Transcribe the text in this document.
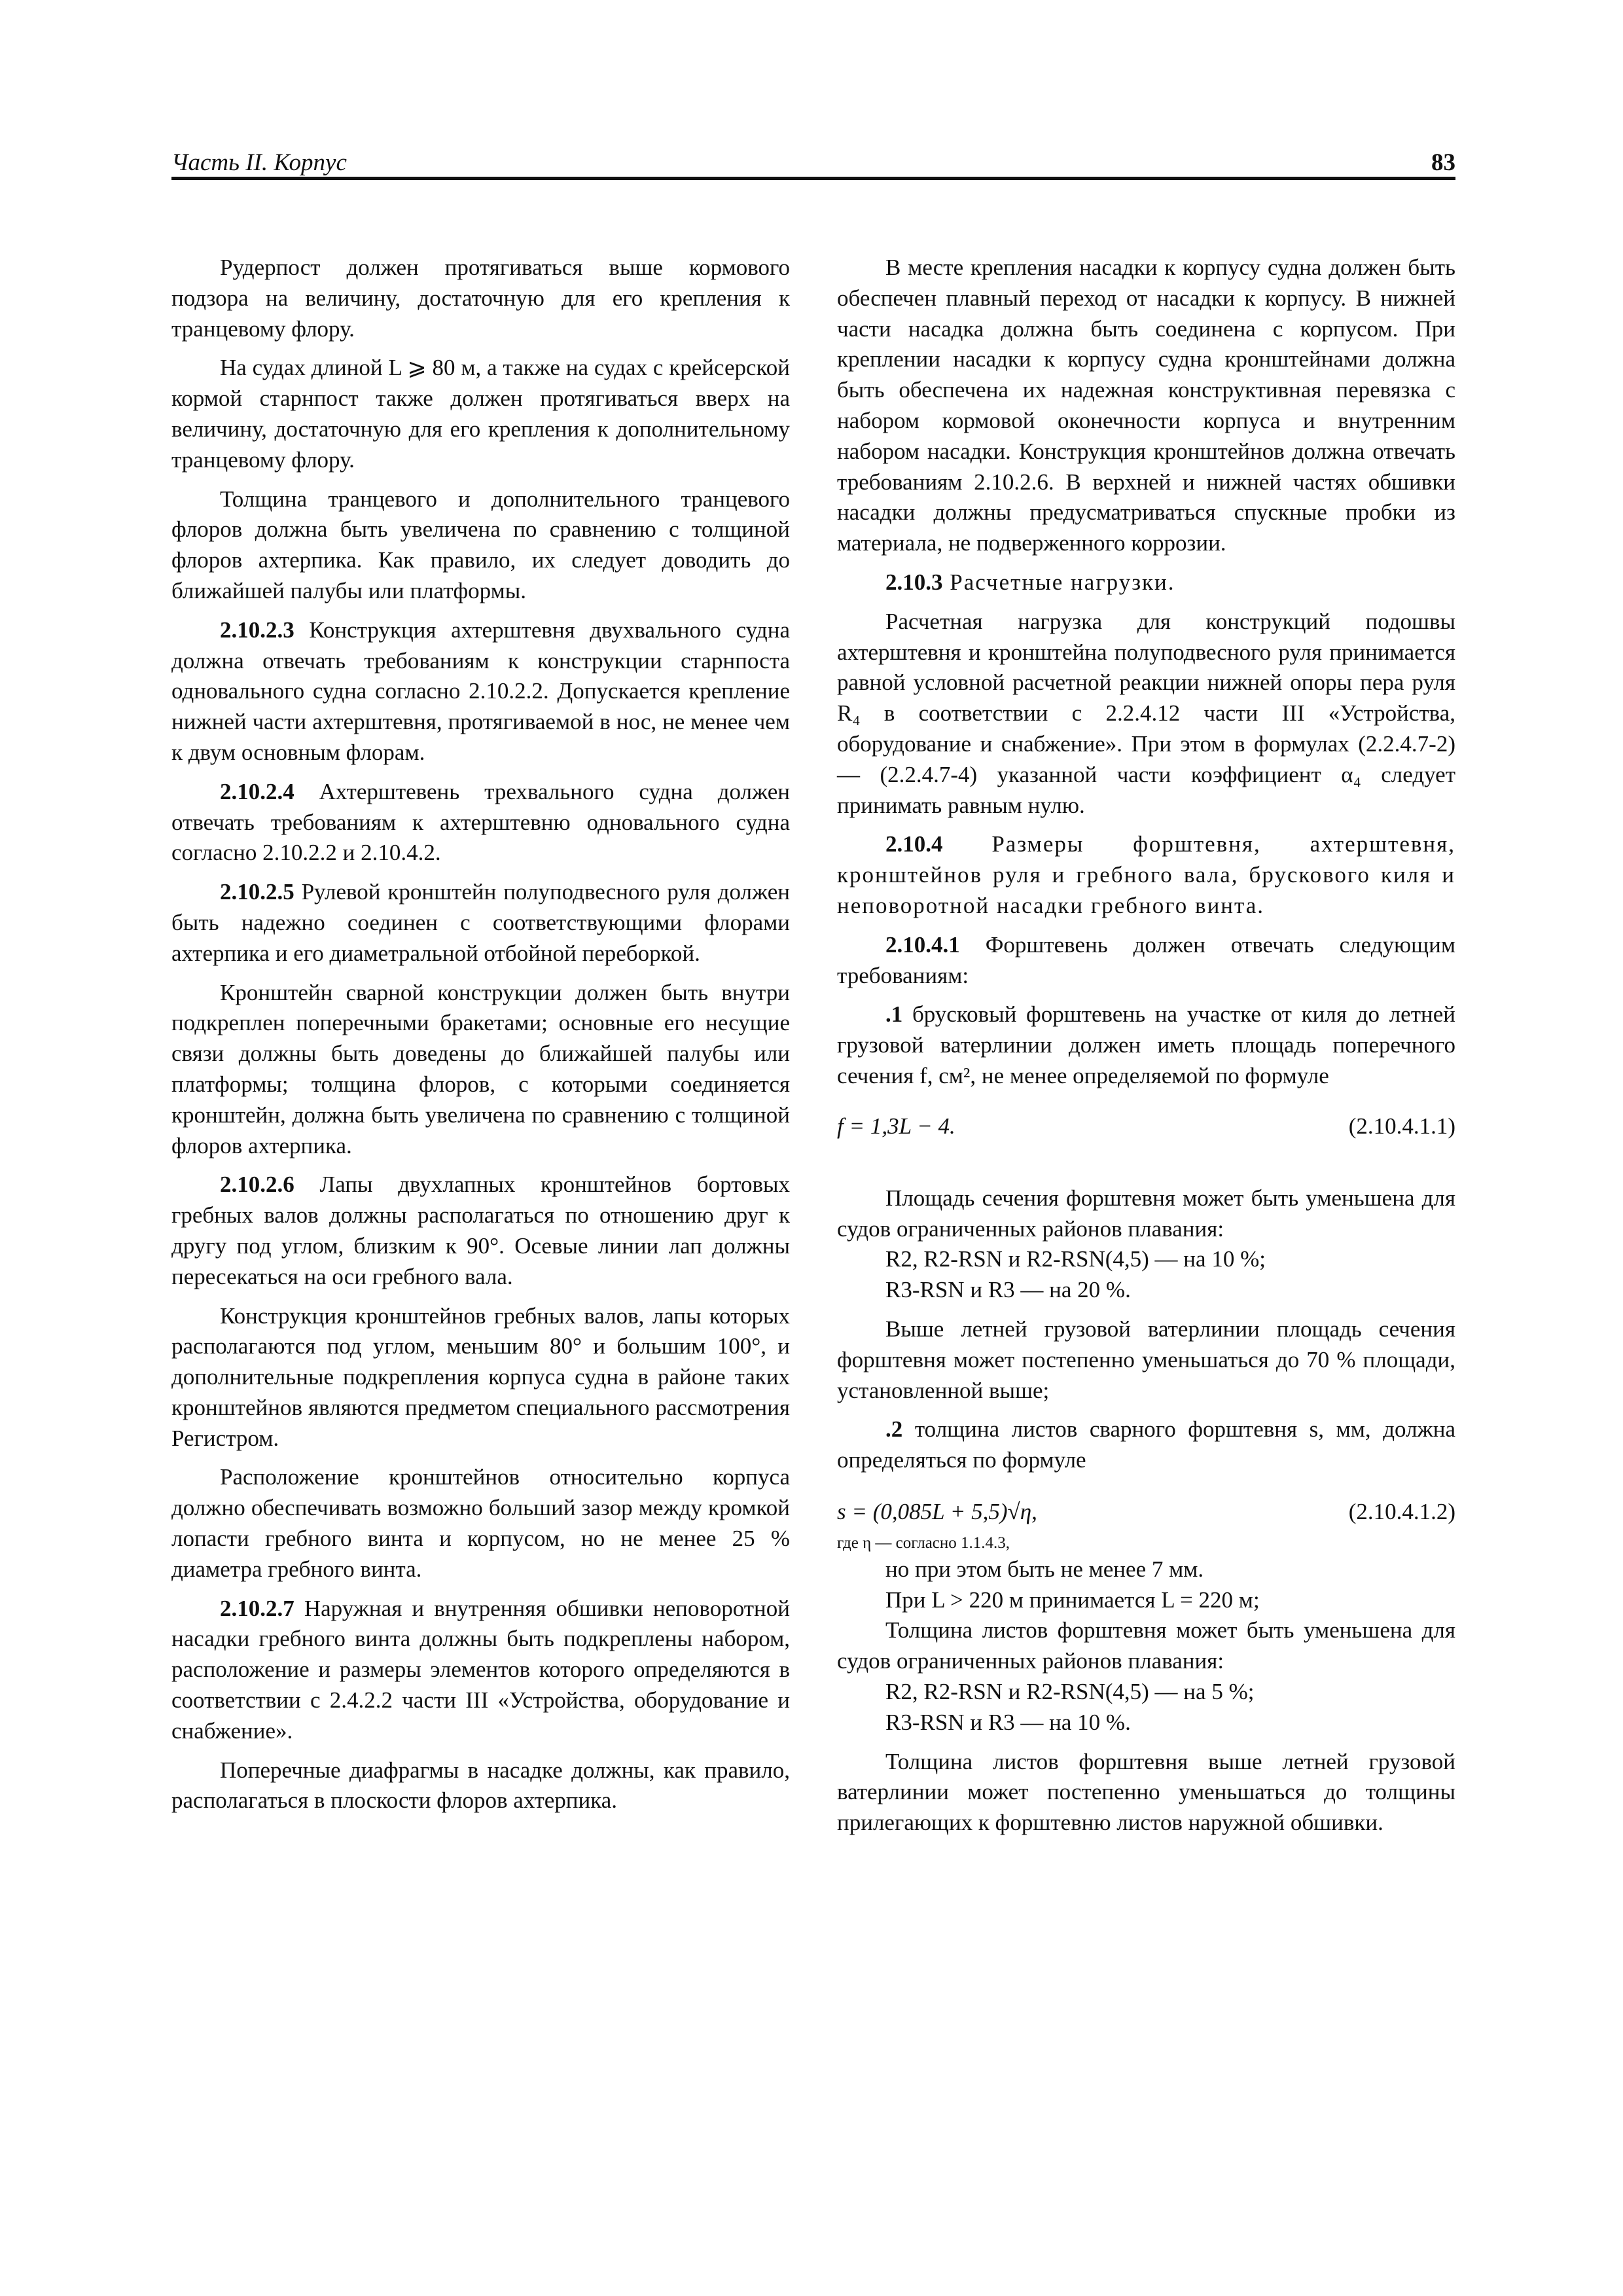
Часть II. Корпус	83

Рудерпост должен протягиваться выше кормового подзора на величину, достаточную для его крепления к транцевому флору.

На судах длиной L ⩾ 80 м, а также на судах с крейсерской кормой старнпост также должен протягиваться вверх на величину, достаточную для его крепления к дополнительному транцевому флору.

Толщина транцевого и дополнительного транцевого флоров должна быть увеличена по сравнению с толщиной флоров ахтерпика. Как правило, их следует доводить до ближайшей палубы или платформы.

2.10.2.3 Конструкция ахтерштевня двухвального судна должна отвечать требованиям к конструкции старнпоста одновального судна согласно 2.10.2.2. Допускается крепление нижней части ахтерштевня, протягиваемой в нос, не менее чем к двум основным флорам.

2.10.2.4 Ахтерштевень трехвального судна должен отвечать требованиям к ахтерштевню одновального судна согласно 2.10.2.2 и 2.10.4.2.

2.10.2.5 Рулевой кронштейн полуподвесного руля должен быть надежно соединен с соответствующими флорами ахтерпика и его диаметральной отбойной переборкой.

Кронштейн сварной конструкции должен быть внутри подкреплен поперечными бракетами; основные его несущие связи должны быть доведены до ближайшей палубы или платформы; толщина флоров, с которыми соединяется кронштейн, должна быть увеличена по сравнению с толщиной флоров ахтерпика.

2.10.2.6 Лапы двухлапных кронштейнов бортовых гребных валов должны располагаться по отношению друг к другу под углом, близким к 90°. Осевые линии лап должны пересекаться на оси гребного вала.

Конструкция кронштейнов гребных валов, лапы которых располагаются под углом, меньшим 80° и большим 100°, и дополнительные подкрепления корпуса судна в районе таких кронштейнов являются предметом специального рассмотрения Регистром.

Расположение кронштейнов относительно корпуса должно обеспечивать возможно больший зазор между кромкой лопасти гребного винта и корпусом, но не менее 25 % диаметра гребного винта.

2.10.2.7 Наружная и внутренняя обшивки неповоротной насадки гребного винта должны быть подкреплены набором, расположение и размеры элементов которого определяются в соответствии с 2.4.2.2 части III «Устройства, оборудование и снабжение».

Поперечные диафрагмы в насадке должны, как правило, располагаться в плоскости флоров ахтерпика.

В месте крепления насадки к корпусу судна должен быть обеспечен плавный переход от насадки к корпусу. В нижней части насадка должна быть соединена с корпусом. При креплении насадки к корпусу судна кронштейнами должна быть обеспечена их надежная конструктивная перевязка с набором кормовой оконечности корпуса и внутренним набором насадки. Конструкция кронштейнов должна отвечать требованиям 2.10.2.6. В верхней и нижней частях обшивки насадки должны предусматриваться спускные пробки из материала, не подверженного коррозии.

2.10.3 Расчетные нагрузки.

Расчетная нагрузка для конструкций подошвы ахтерштевня и кронштейна полуподвесного руля принимается равной условной расчетной реакции нижней опоры пера руля R₄ в соответствии с 2.2.4.12 части III «Устройства, оборудование и снабжение». При этом в формулах (2.2.4.7-2) — (2.2.4.7-4) указанной части коэффициент α₄ следует принимать равным нулю.

2.10.4 Размеры форштевня, ахтерштевня, кронштейнов руля и гребного вала, брускового киля и неповоротной насадки гребного винта.

2.10.4.1 Форштевень должен отвечать следующим требованиям:

.1 брусковый форштевень на участке от киля до летней грузовой ватерлинии должен иметь площадь поперечного сечения f, см², не менее определяемой по формуле

f = 1,3L − 4.	(2.10.4.1.1)

Площадь сечения форштевня может быть уменьшена для судов ограниченных районов плавания:

R2, R2-RSN и R2-RSN(4,5) — на 10 %;

R3-RSN и R3 — на 20 %.

Выше летней грузовой ватерлинии площадь сечения форштевня может постепенно уменьшаться до 70 % площади, установленной выше;

.2 толщина листов сварного форштевня s, мм, должна определяться по формуле

s = (0,085L + 5,5)√η,	(2.10.4.1.2)

где η — согласно 1.1.4.3,

но при этом быть не менее 7 мм.

При L > 220 м принимается L = 220 м;

Толщина листов форштевня может быть уменьшена для судов ограниченных районов плавания:

R2, R2-RSN и R2-RSN(4,5) — на 5 %;

R3-RSN и R3 — на 10 %.

Толщина листов форштевня выше летней грузовой ватерлинии может постепенно уменьшаться до толщины прилегающих к форштевню листов наружной обшивки.
